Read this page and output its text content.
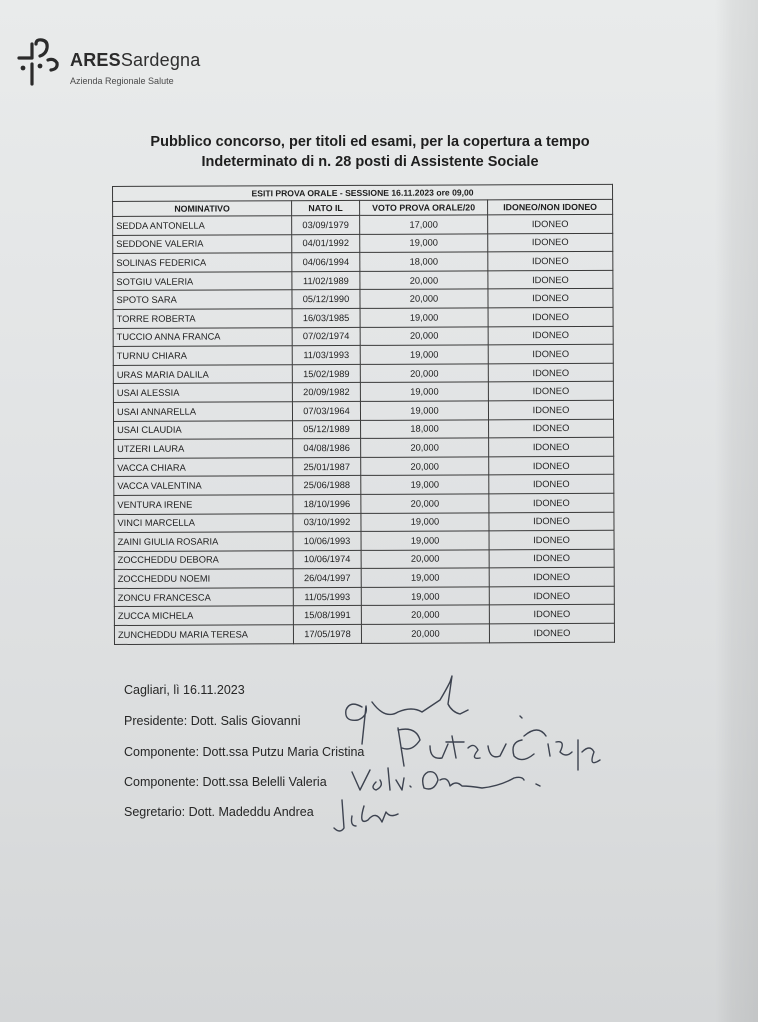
ARESSardegna
Azienda Regionale Salute
Pubblico concorso, per titoli ed esami, per la copertura a tempo
Indeterminato di n. 28 posti di Assistente Sociale
ESITI PROVA ORALE - SESSIONE 16.11.2023 ore 09,00			
NOMINATIVO	NATO IL	VOTO PROVA ORALE/20	IDONEO/NON IDONEO
SEDDA ANTONELLA	03/09/1979	17,000	IDONEO
SEDDONE VALERIA	04/01/1992	19,000	IDONEO
SOLINAS FEDERICA	04/06/1994	18,000	IDONEO
SOTGIU VALERIA	11/02/1989	20,000	IDONEO
SPOTO SARA	05/12/1990	20,000	IDONEO
TORRE ROBERTA	16/03/1985	19,000	IDONEO
TUCCIO ANNA FRANCA	07/02/1974	20,000	IDONEO
TURNU CHIARA	11/03/1993	19,000	IDONEO
URAS MARIA DALILA	15/02/1989	20,000	IDONEO
USAI ALESSIA	20/09/1982	19,000	IDONEO
USAI ANNARELLA	07/03/1964	19,000	IDONEO
USAI CLAUDIA	05/12/1989	18,000	IDONEO
UTZERI LAURA	04/08/1986	20,000	IDONEO
VACCA CHIARA	25/01/1987	20,000	IDONEO
VACCA VALENTINA	25/06/1988	19,000	IDONEO
VENTURA IRENE	18/10/1996	20,000	IDONEO
VINCI MARCELLA	03/10/1992	19,000	IDONEO
ZAINI GIULIA ROSARIA	10/06/1993	19,000	IDONEO
ZOCCHEDDU DEBORA	10/06/1974	20,000	IDONEO
ZOCCHEDDU NOEMI	26/04/1997	19,000	IDONEO
ZONCU FRANCESCA	11/05/1993	19,000	IDONEO
ZUCCA MICHELA	15/08/1991	20,000	IDONEO
ZUNCHEDDU MARIA TERESA	17/05/1978	20,000	IDONEO
Cagliari, lì 16.11.2023
Presidente: Dott. Salis Giovanni
Componente: Dott.ssa Putzu Maria Cristina
Componente: Dott.ssa Belelli Valeria
Segretario: Dott. Madeddu Andrea
